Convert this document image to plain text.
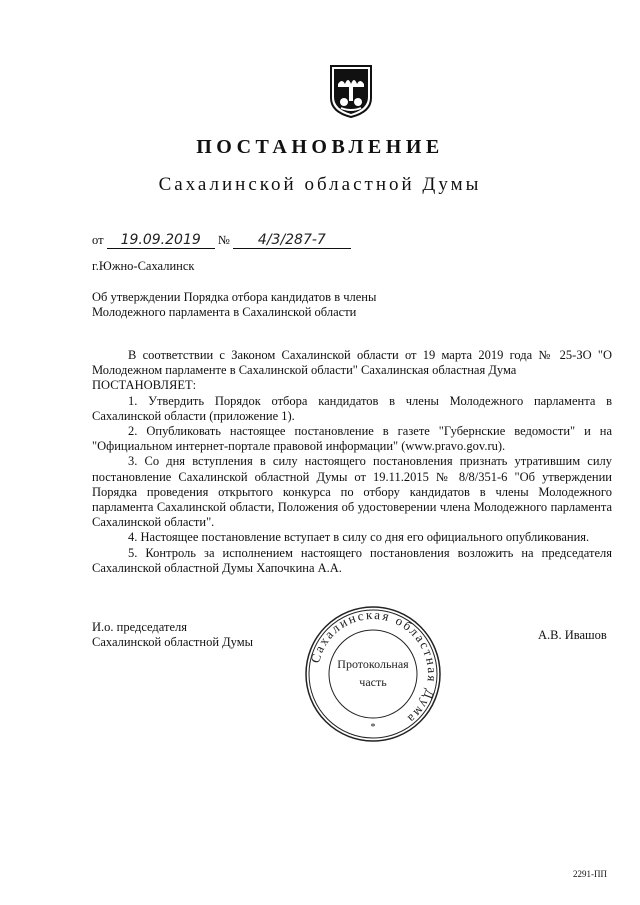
ПОСТАНОВЛЕНИЕ
Сахалинской областной Думы
от 19.09.2019 № 4/3/287-7
г.Южно-Сахалинск
Об утверждении Порядка отбора кандидатов в члены Молодежного парламента в Сахалинской области

В соответствии с Законом Сахалинской области от 19 марта 2019 года № 25-ЗО "О Молодежном парламенте в Сахалинской области" Сахалинская областная Дума

ПОСТАНОВЛЯЕТ:

1. Утвердить Порядок отбора кандидатов в члены Молодежного парламента в Сахалинской области (приложение 1).

2. Опубликовать настоящее постановление в газете "Губернские ведомости" и на "Официальном интернет-портале правовой информации" (www.pravo.gov.ru).

3. Со дня вступления в силу настоящего постановления признать утратившим силу постановление Сахалинской областной Думы от 19.11.2015 № 8/8/351-6 "Об утверждении Порядка проведения открытого конкурса по отбору кандидатов в члены Молодежного парламента Сахалинской области, Положения об удостоверении члена Молодежного парламента Сахалинской области".

4. Настоящее постановление вступает в силу со дня его официального опубликования.

5. Контроль за исполнением настоящего постановления возложить на председателя Сахалинской областной Думы Хапочкина А.А.

И.о. председателя
Сахалинской областной Думы	А.В. Ивашов
Сахалинская областная Дума
*
Протокольная
часть
2291-ПП
